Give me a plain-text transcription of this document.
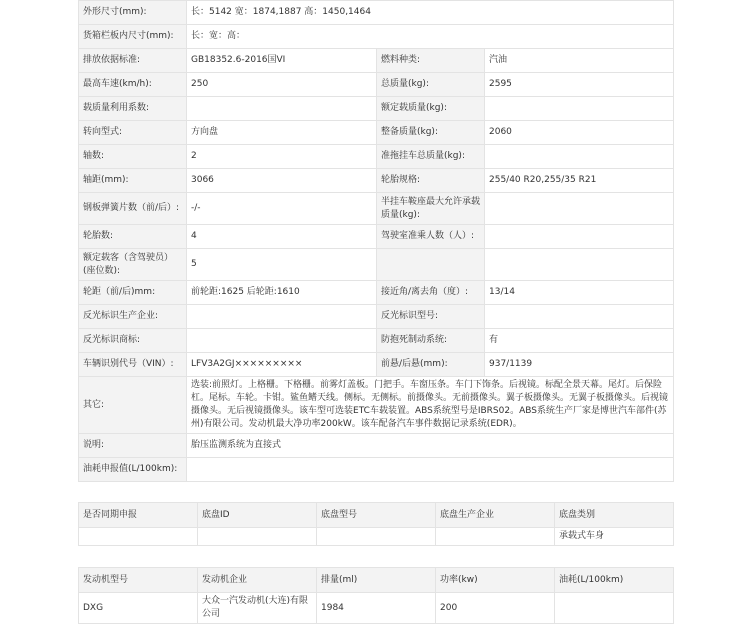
外形尺寸(mm):	长：5142 宽：1874,1887 高：1450,1464		
货箱栏板内尺寸(mm):	长：宽：高：		
排放依据标准:	GB18352.6-2016国VI	燃料种类:	汽油
最高车速(km/h):	250	总质量(kg):	2595
载质量利用系数:		额定载质量(kg):	
转向型式:	方向盘	整备质量(kg):	2060
轴数:	2	准拖挂车总质量(kg):	
轴距(mm):	3066	轮胎规格:	255/40 R20,255/35 R21
钢板弹簧片数（前/后）:	-/-	半挂车鞍座最大允许承载质量(kg):	
轮胎数:	4	驾驶室准乘人数（人）:	
额定载客（含驾驶员）(座位数):	5		
轮距（前/后)mm:	前轮距:1625 后轮距:1610	接近角/离去角（度）:	13/14
反光标识生产企业:		反光标识型号:	
反光标识商标:		防抱死制动系统:	有
车辆识别代号（VIN）:	LFV3A2GJ×××××××××	前悬/后悬(mm):	937/1139
其它:	选装:前照灯。上格栅。下格栅。前雾灯盖板。门把手。车窗压条。车门下饰条。后视镜。标配全景天幕。尾灯。后保险杠。尾标。车轮。卡钳。鲨鱼鳍天线。侧标。无侧标。前摄像头。无前摄像头。翼子板摄像头。无翼子板摄像头。后视镜摄像头。无后视镜摄像头。该车型可选装ETC车载装置。ABS系统型号是IBRS02。ABS系统生产厂家是博世汽车部件(苏州)有限公司。发动机最大净功率200kW。该车配备汽车事件数据记录系统(EDR)。		
说明:	胎压监测系统为直接式		
油耗申报值(L/100km):			
是否同期申报	底盘ID	底盘型号	底盘生产企业	底盘类别
				承载式车身
发动机型号	发动机企业	排量(ml)	功率(kw)	油耗(L/100km)
DXG	大众一汽发动机(大连)有限公司	1984	200	
